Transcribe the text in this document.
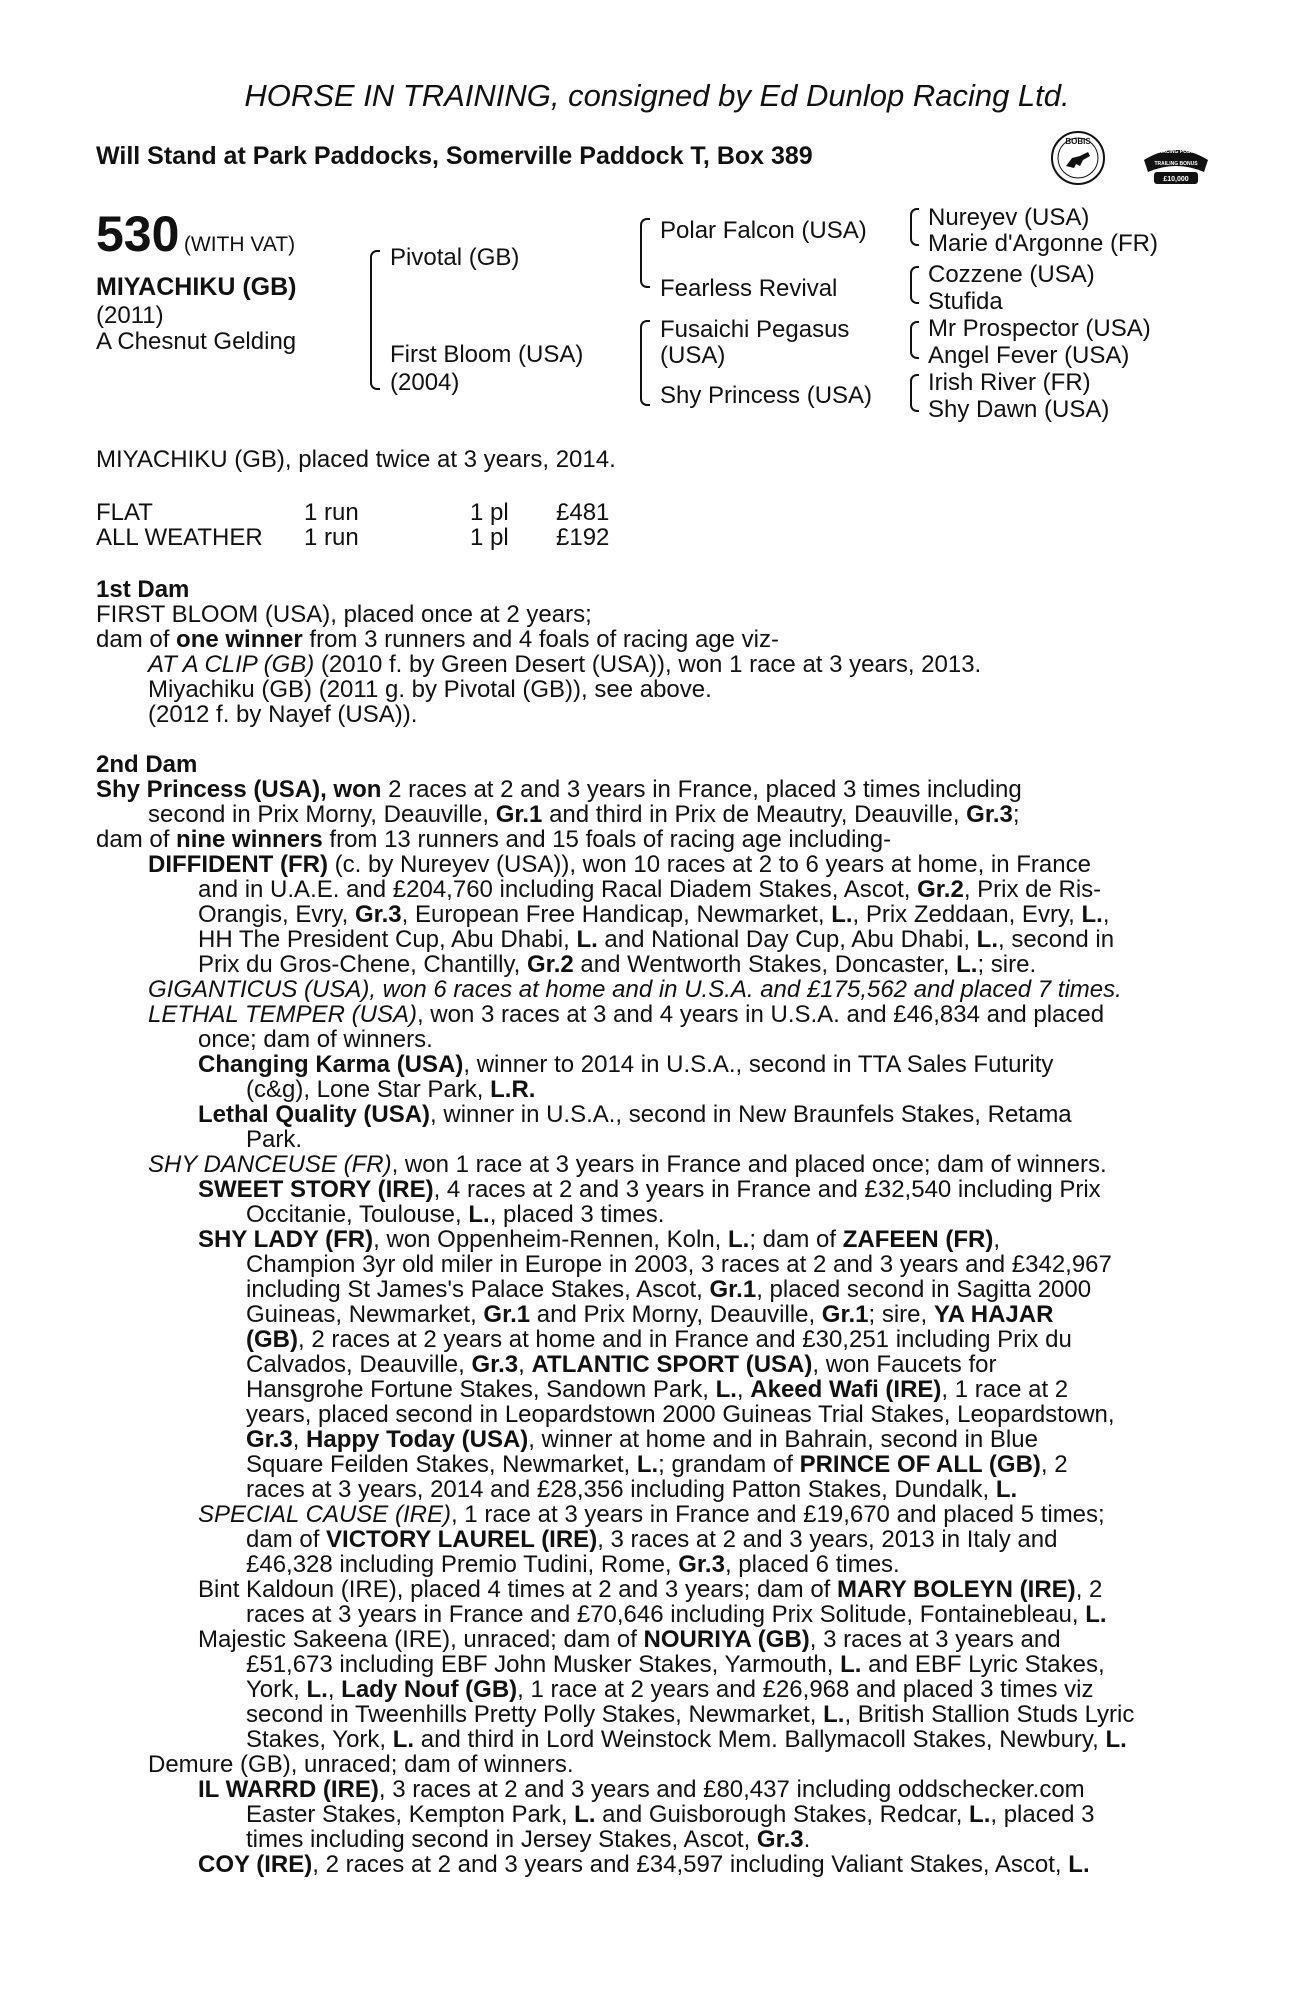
HORSE IN TRAINING, consigned by Ed Dunlop Racing Ltd.
Will Stand at Park Paddocks, Somerville Paddock T, Box 389
BOBIS
RACING POST
TRAILING BONUS
£10,000
530 (WITH VAT)
MIYACHIKU (GB)
(2011)
A Chesnut Gelding
Pivotal (GB)
First Bloom (USA)
(2004)
Polar Falcon (USA)
Fearless Revival
Fusaichi Pegasus
(USA)
Shy Princess (USA)
Nureyev (USA)
Marie d'Argonne (FR)
Cozzene (USA)
Stufida
Mr Prospector (USA)
Angel Fever (USA)
Irish River (FR)
Shy Dawn (USA)
MIYACHIKU (GB), placed twice at 3 years, 2014.
FLAT	1 run	1 pl £481
ALL WEATHER 1 run	1 pl £192
1st Dam
FIRST BLOOM (USA), placed once at 2 years;
dam of one winner from 3 runners and 4 foals of racing age viz-
AT A CLIP (GB) (2010 f. by Green Desert (USA)), won 1 race at 3 years, 2013.
Miyachiku (GB) (2011 g. by Pivotal (GB)), see above.
(2012 f. by Nayef (USA)).
2nd Dam
Shy Princess (USA), won 2 races at 2 and 3 years in France, placed 3 times including
second in Prix Morny, Deauville, Gr.1 and third in Prix de Meautry, Deauville, Gr.3;
dam of nine winners from 13 runners and 15 foals of racing age including-
DIFFIDENT (FR) (c. by Nureyev (USA)), won 10 races at 2 to 6 years at home, in France
and in U.A.E. and £204,760 including Racal Diadem Stakes, Ascot, Gr.2, Prix de Ris-
Orangis, Evry, Gr.3, European Free Handicap, Newmarket, L., Prix Zeddaan, Evry, L.,
HH The President Cup, Abu Dhabi, L. and National Day Cup, Abu Dhabi, L., second in
Prix du Gros-Chene, Chantilly, Gr.2 and Wentworth Stakes, Doncaster, L.; sire.
GIGANTICUS (USA), won 6 races at home and in U.S.A. and £175,562 and placed 7 times.
LETHAL TEMPER (USA), won 3 races at 3 and 4 years in U.S.A. and £46,834 and placed
once; dam of winners.
Changing Karma (USA), winner to 2014 in U.S.A., second in TTA Sales Futurity
(c&g), Lone Star Park, L.R.
Lethal Quality (USA), winner in U.S.A., second in New Braunfels Stakes, Retama
Park.
SHY DANCEUSE (FR), won 1 race at 3 years in France and placed once; dam of winners.
SWEET STORY (IRE), 4 races at 2 and 3 years in France and £32,540 including Prix
Occitanie, Toulouse, L., placed 3 times.
SHY LADY (FR), won Oppenheim-Rennen, Koln, L.; dam of ZAFEEN (FR),
Champion 3yr old miler in Europe in 2003, 3 races at 2 and 3 years and £342,967
including St James's Palace Stakes, Ascot, Gr.1, placed second in Sagitta 2000
Guineas, Newmarket, Gr.1 and Prix Morny, Deauville, Gr.1; sire, YA HAJAR
(GB), 2 races at 2 years at home and in France and £30,251 including Prix du
Calvados, Deauville, Gr.3, ATLANTIC SPORT (USA), won Faucets for
Hansgrohe Fortune Stakes, Sandown Park, L., Akeed Wafi (IRE), 1 race at 2
years, placed second in Leopardstown 2000 Guineas Trial Stakes, Leopardstown,
Gr.3, Happy Today (USA), winner at home and in Bahrain, second in Blue
Square Feilden Stakes, Newmarket, L.; grandam of PRINCE OF ALL (GB), 2
races at 3 years, 2014 and £28,356 including Patton Stakes, Dundalk, L.
SPECIAL CAUSE (IRE), 1 race at 3 years in France and £19,670 and placed 5 times;
dam of VICTORY LAUREL (IRE), 3 races at 2 and 3 years, 2013 in Italy and
£46,328 including Premio Tudini, Rome, Gr.3, placed 6 times.
Bint Kaldoun (IRE), placed 4 times at 2 and 3 years; dam of MARY BOLEYN (IRE), 2
races at 3 years in France and £70,646 including Prix Solitude, Fontainebleau, L.
Majestic Sakeena (IRE), unraced; dam of NOURIYA (GB), 3 races at 3 years and
£51,673 including EBF John Musker Stakes, Yarmouth, L. and EBF Lyric Stakes,
York, L., Lady Nouf (GB), 1 race at 2 years and £26,968 and placed 3 times viz
second in Tweenhills Pretty Polly Stakes, Newmarket, L., British Stallion Studs Lyric
Stakes, York, L. and third in Lord Weinstock Mem. Ballymacoll Stakes, Newbury, L.
Demure (GB), unraced; dam of winners.
IL WARRD (IRE), 3 races at 2 and 3 years and £80,437 including oddschecker.com
Easter Stakes, Kempton Park, L. and Guisborough Stakes, Redcar, L., placed 3
times including second in Jersey Stakes, Ascot, Gr.3.
COY (IRE), 2 races at 2 and 3 years and £34,597 including Valiant Stakes, Ascot, L.
